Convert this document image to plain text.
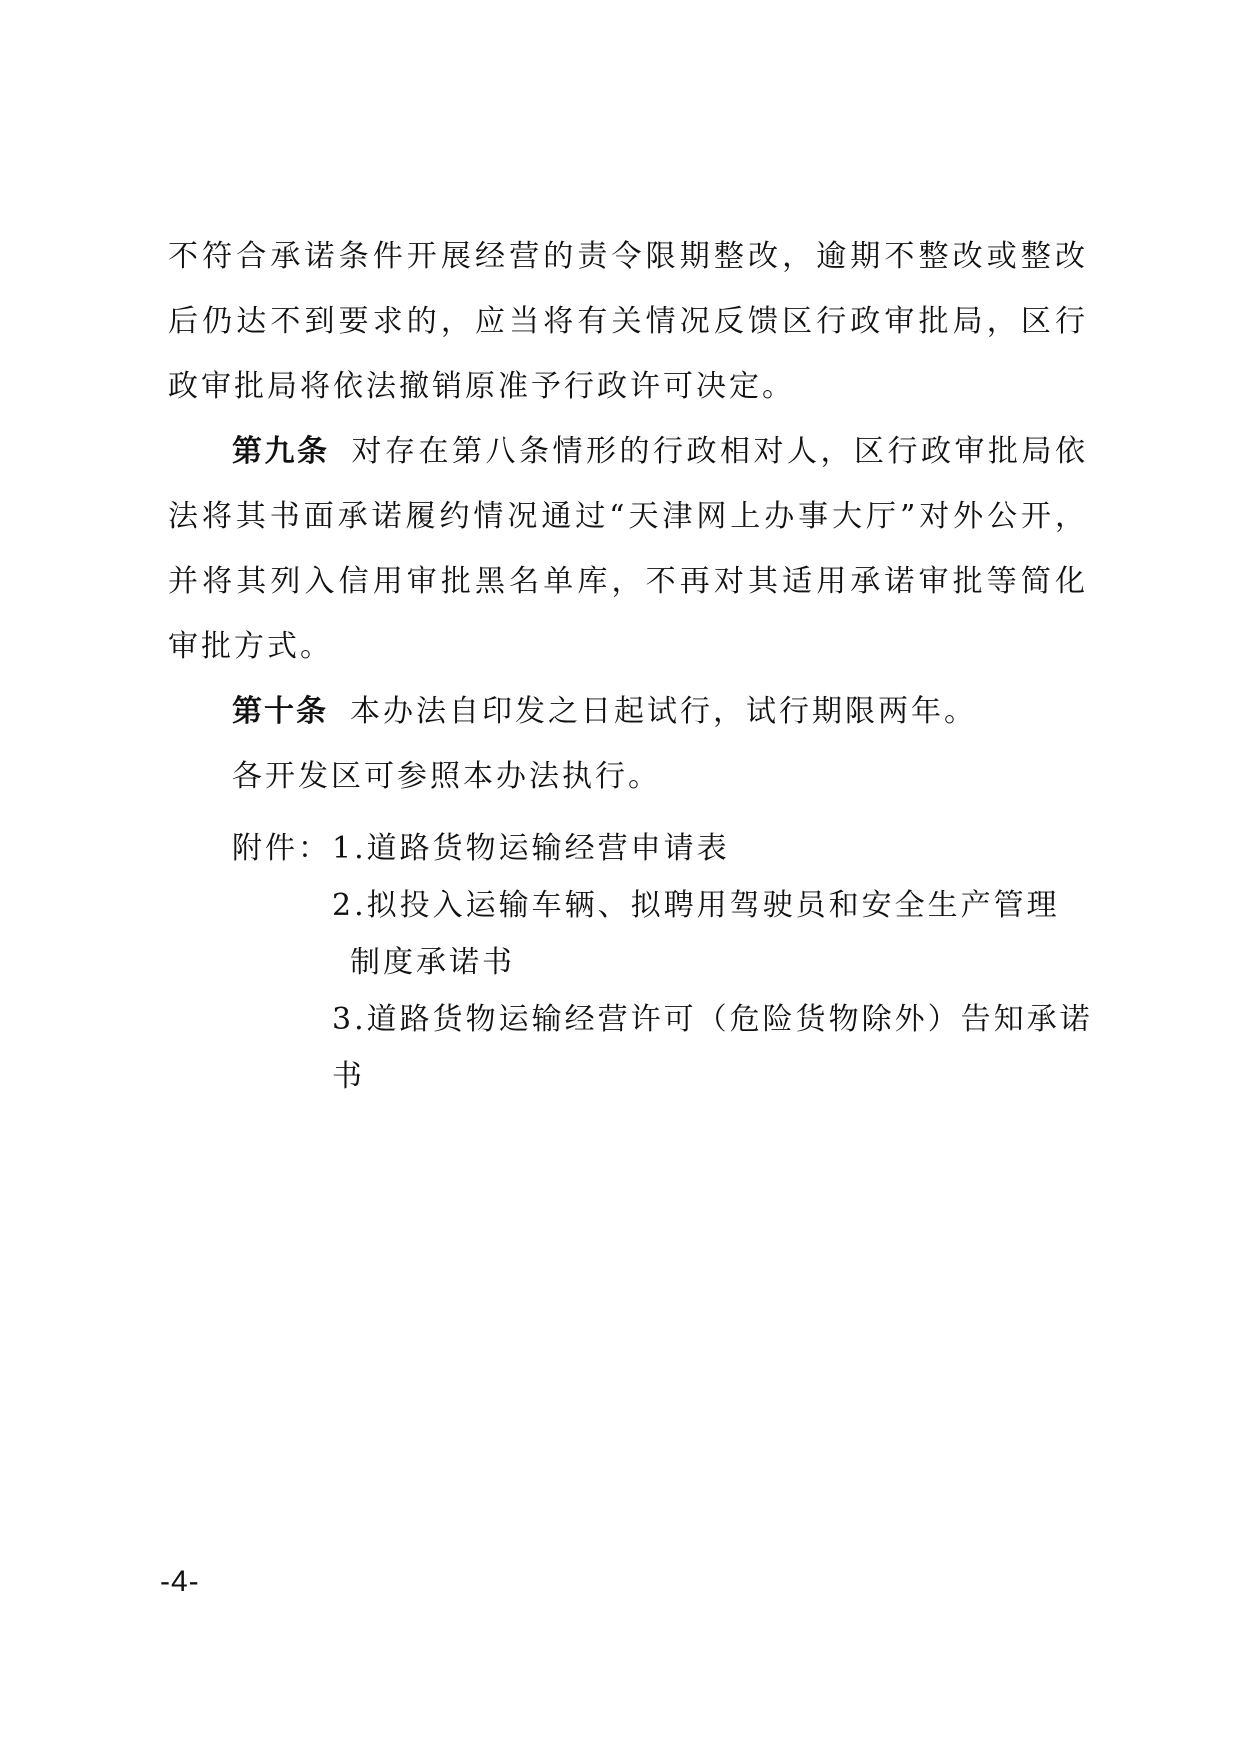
不符合承诺条件开展经营的责令限期整改，逾期不整改或整改后仍达不到要求的，应当将有关情况反馈区行政审批局，区行政审批局将依法撤销原准予行政许可决定。

第九条 对存在第八条情形的行政相对人，区行政审批局依法将其书面承诺履约情况通过“天津网上办事大厅”对外公开，并将其列入信用审批黑名单库，不再对其适用承诺审批等简化审批方式。

第十条 本办法自印发之日起试行，试行期限两年。

各开发区可参照本办法执行。

附件： 1.道路货物运输经营申请表
2.拟投入运输车辆、拟聘用驾驶员和安全生产管理
制度承诺书
3.道路货物运输经营许可（危险货物除外）告知承诺书
-4-
